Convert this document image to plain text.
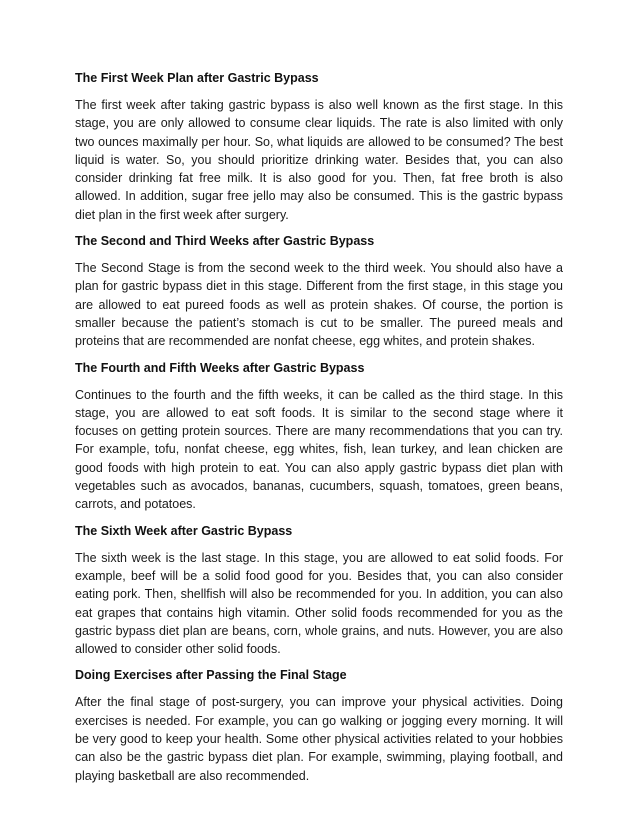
The First Week Plan after Gastric Bypass

The first week after taking gastric bypass is also well known as the first stage. In this stage, you are only allowed to consume clear liquids. The rate is also limited with only two ounces maximally per hour. So, what liquids are allowed to be consumed? The best liquid is water. So, you should prioritize drinking water. Besides that, you can also consider drinking fat free milk. It is also good for you. Then, fat free broth is also allowed. In addition, sugar free jello may also be consumed. This is the gastric bypass diet plan in the first week after surgery.

The Second and Third Weeks after Gastric Bypass

The Second Stage is from the second week to the third week. You should also have a plan for gastric bypass diet in this stage. Different from the first stage, in this stage you are allowed to eat pureed foods as well as protein shakes. Of course, the portion is smaller because the patient’s stomach is cut to be smaller. The pureed meals and proteins that are recommended are nonfat cheese, egg whites, and protein shakes.

The Fourth and Fifth Weeks after Gastric Bypass

Continues to the fourth and the fifth weeks, it can be called as the third stage. In this stage, you are allowed to eat soft foods. It is similar to the second stage where it focuses on getting protein sources. There are many recommendations that you can try. For example, tofu, nonfat cheese, egg whites, fish, lean turkey, and lean chicken are good foods with high protein to eat. You can also apply gastric bypass diet plan with vegetables such as avocados, bananas, cucumbers, squash, tomatoes, green beans, carrots, and potatoes.

The Sixth Week after Gastric Bypass

The sixth week is the last stage. In this stage, you are allowed to eat solid foods. For example, beef will be a solid food good for you. Besides that, you can also consider eating pork. Then, shellfish will also be recommended for you. In addition, you can also eat grapes that contains high vitamin. Other solid foods recommended for you as the gastric bypass diet plan are beans, corn, whole grains, and nuts. However, you are also allowed to consider other solid foods.

Doing Exercises after Passing the Final Stage

After the final stage of post-surgery, you can improve your physical activities. Doing exercises is needed. For example, you can go walking or jogging every morning. It will be very good to keep your health. Some other physical activities related to your hobbies can also be the gastric bypass diet plan. For example, swimming, playing football, and playing basketball are also recommended.
